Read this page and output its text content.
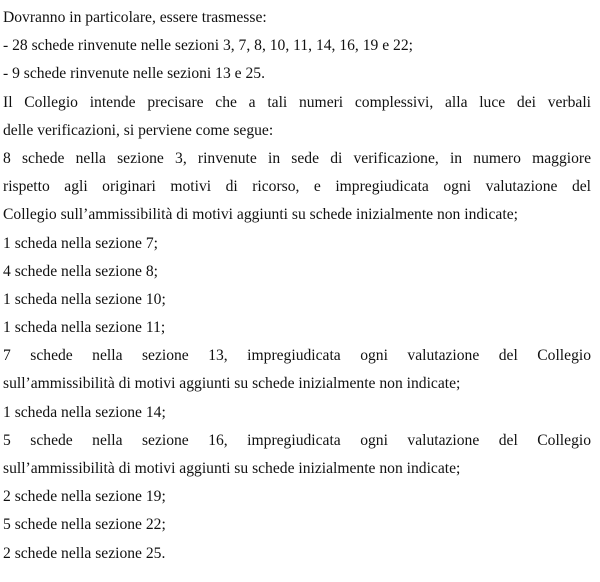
Dovranno in particolare, essere trasmesse:
- 28 schede rinvenute nelle sezioni 3, 7, 8, 10, 11, 14, 16, 19 e 22;
- 9 schede rinvenute nelle sezioni 13 e 25.
Il Collegio intende precisare che a tali numeri complessivi, alla luce dei verbali
delle verificazioni, si perviene come segue:
8 schede nella sezione 3, rinvenute in sede di verificazione, in numero maggiore
rispetto agli originari motivi di ricorso, e impregiudicata ogni valutazione del
Collegio sull’ammissibilità di motivi aggiunti su schede inizialmente non indicate;
1 scheda nella sezione 7;
4 schede nella sezione 8;
1 scheda nella sezione 10;
1 scheda nella sezione 11;
7 schede nella sezione 13, impregiudicata ogni valutazione del Collegio
sull’ammissibilità di motivi aggiunti su schede inizialmente non indicate;
1 scheda nella sezione 14;
5 schede nella sezione 16, impregiudicata ogni valutazione del Collegio
sull’ammissibilità di motivi aggiunti su schede inizialmente non indicate;
2 schede nella sezione 19;
5 schede nella sezione 22;
2 schede nella sezione 25.
